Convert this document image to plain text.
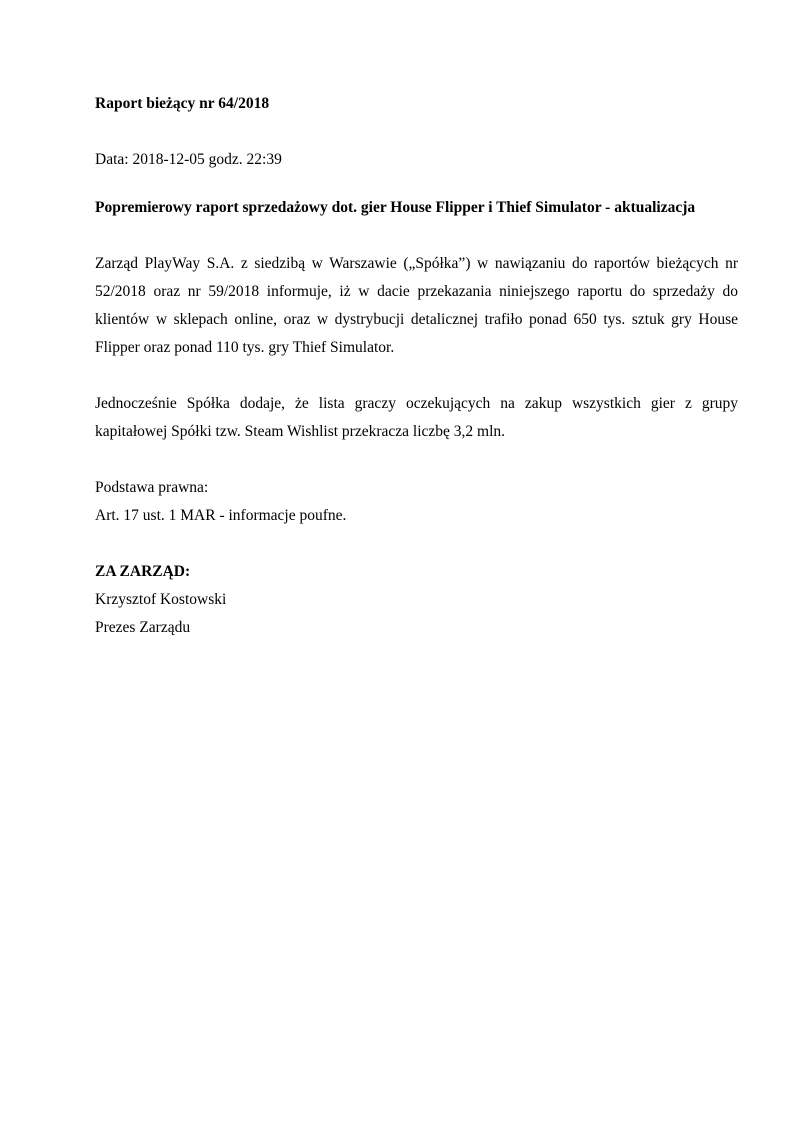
Raport bieżący nr 64/2018

Data: 2018-12-05 godz. 22:39

Popremierowy raport sprzedażowy dot. gier House Flipper i Thief Simulator - aktualizacja

Zarząd PlayWay S.A. z siedzibą w Warszawie („Spółka”) w nawiązaniu do raportów bieżących nr 52/2018 oraz nr 59/2018 informuje, iż w dacie przekazania niniejszego raportu do sprzedaży do klientów w sklepach online, oraz w dystrybucji detalicznej trafiło ponad 650 tys. sztuk gry House Flipper oraz ponad 110 tys. gry Thief Simulator.

Jednocześnie Spółka dodaje, że lista graczy oczekujących na zakup wszystkich gier z grupy kapitałowej Spółki tzw. Steam Wishlist przekracza liczbę 3,2 mln.

Podstawa prawna:
Art. 17 ust. 1 MAR - informacje poufne.
ZA ZARZĄD:
Krzysztof Kostowski
Prezes Zarządu
